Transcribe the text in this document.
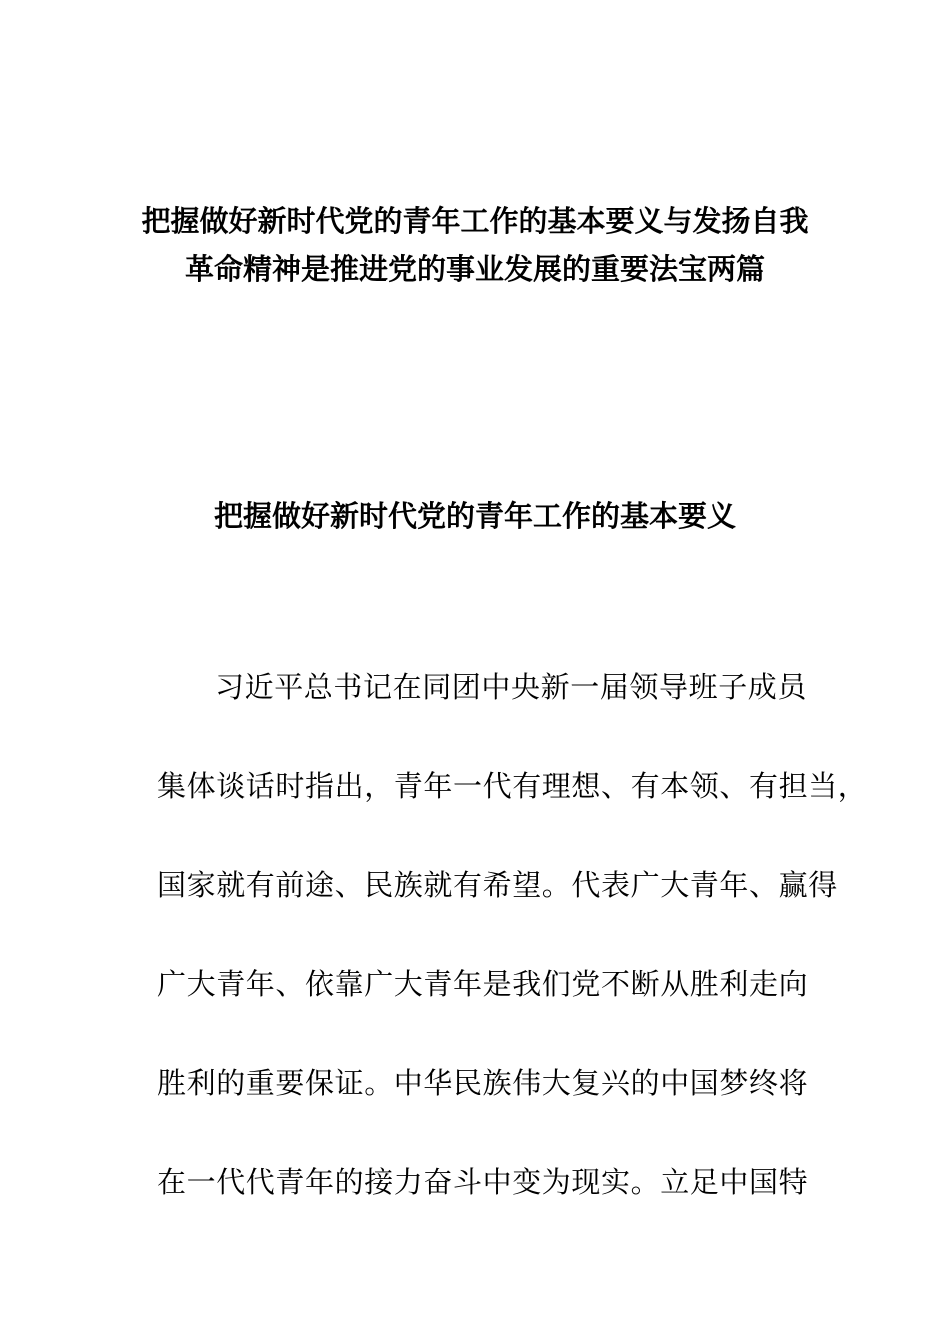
把握做好新时代党的青年工作的基本要义与发扬自我
革命精神是推进党的事业发展的重要法宝两篇
把握做好新时代党的青年工作的基本要义

习近平总书记在同团中央新一届领导班子成员

集体谈话时指出，青年一代有理想、有本领、有担当，

国家就有前途、民族就有希望。代表广大青年、赢得

广大青年、依靠广大青年是我们党不断从胜利走向

胜利的重要保证。中华民族伟大复兴的中国梦终将

在一代代青年的接力奋斗中变为现实。立足中国特
